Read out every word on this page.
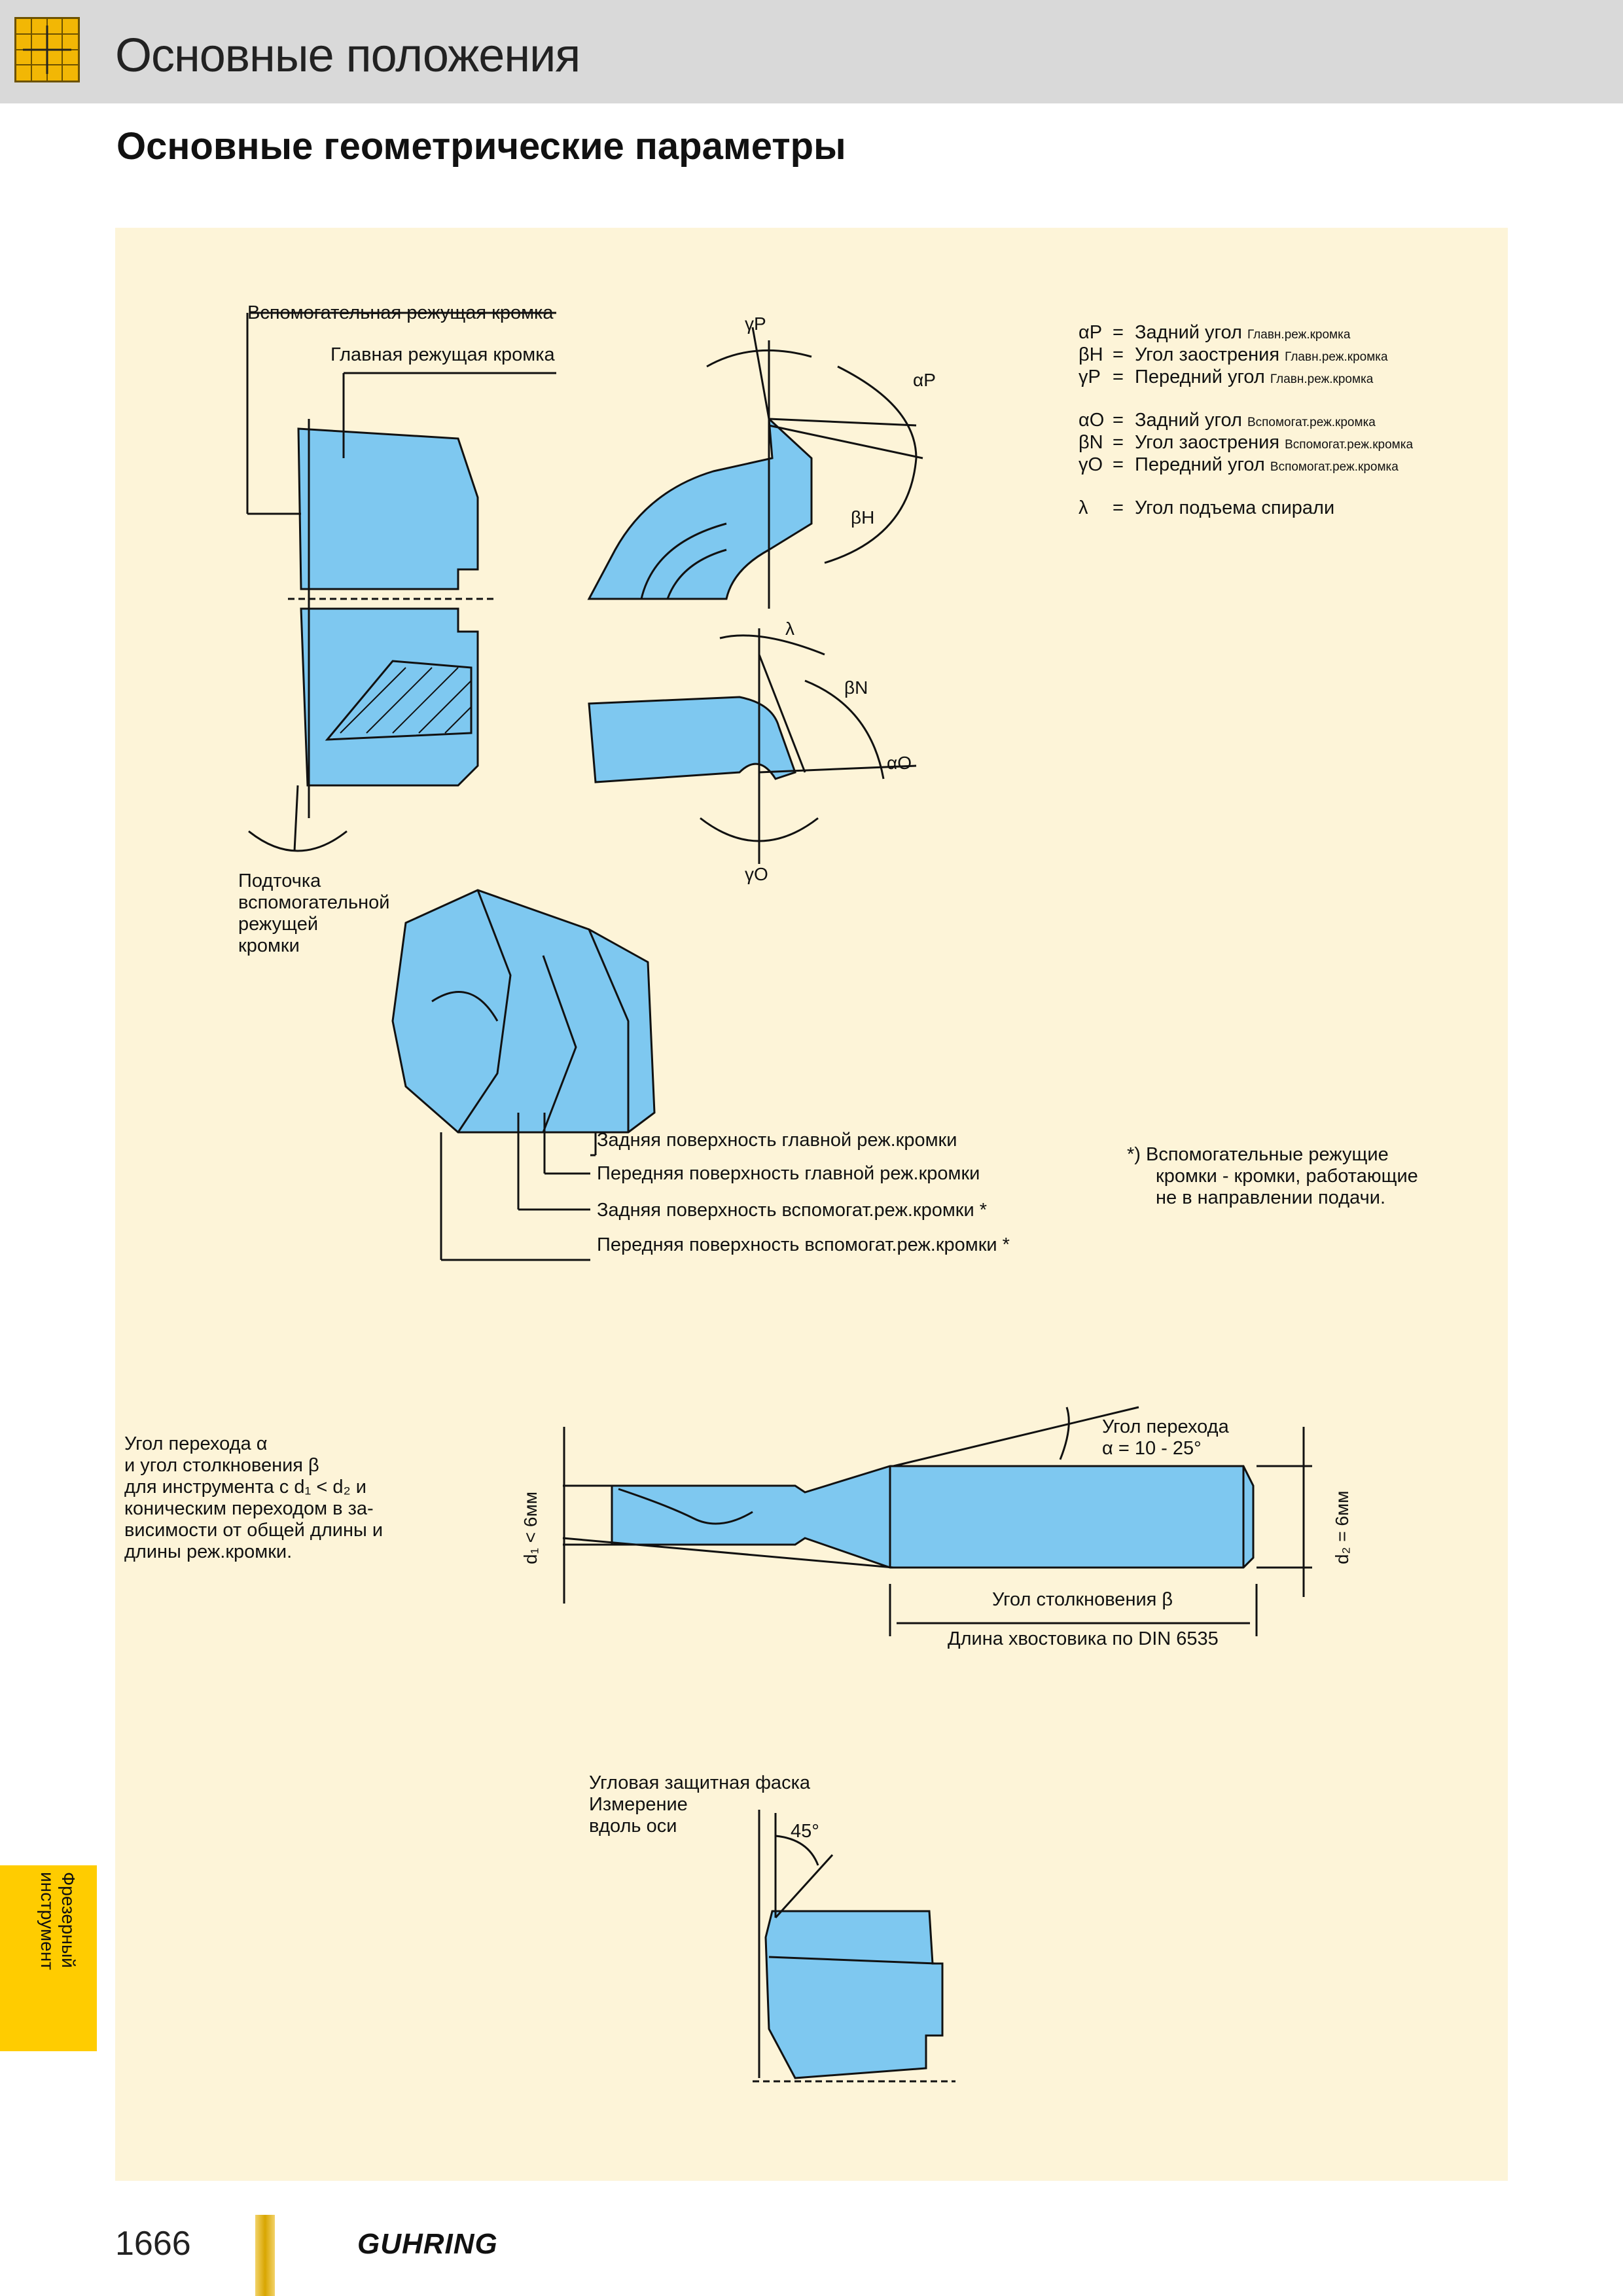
Основные положения
Основные геометрические параметры
γP
αP
βH
λ
βN
αO
γO
d₁ < 6мм	d₂ = 6мм
Вспомогательная режущая кромка
Главная режущая кромка
Подточка
вспомогательной
режущей
кромки
Задняя поверхность главной реж.кромки
Передняя поверхность главной реж.кромки
Задняя поверхность вспомогат.реж.кромки *
Передняя поверхность вспомогат.реж.кромки *
*) Вспомогательные режущие
кромки - кромки, работающие
не в направлении подачи.
Угол перехода α
и угол столкновения β
для инструмента с d₁ < d₂ и
коническим переходом в за-
висимости от общей длины и
длины реж.кромки.
Угол перехода
α = 10 - 25°
Угол столкновения β
Длина хвостовика по DIN 6535
Угловая защитная фаска
Измерение
вдоль оси	45°
αP = Задний угол Главн.реж.кромка
βH = Угол заострения Главн.реж.кромка
γP = Передний угол Главн.реж.кромка
αO = Задний угол Вспомогат.реж.кромка
βN = Угол заострения Вспомогат.реж.кромка
γO = Передний угол Вспомогат.реж.кромка
λ = Угол подъема спирали
Фрезерный инструмент
1666	GUHRING
